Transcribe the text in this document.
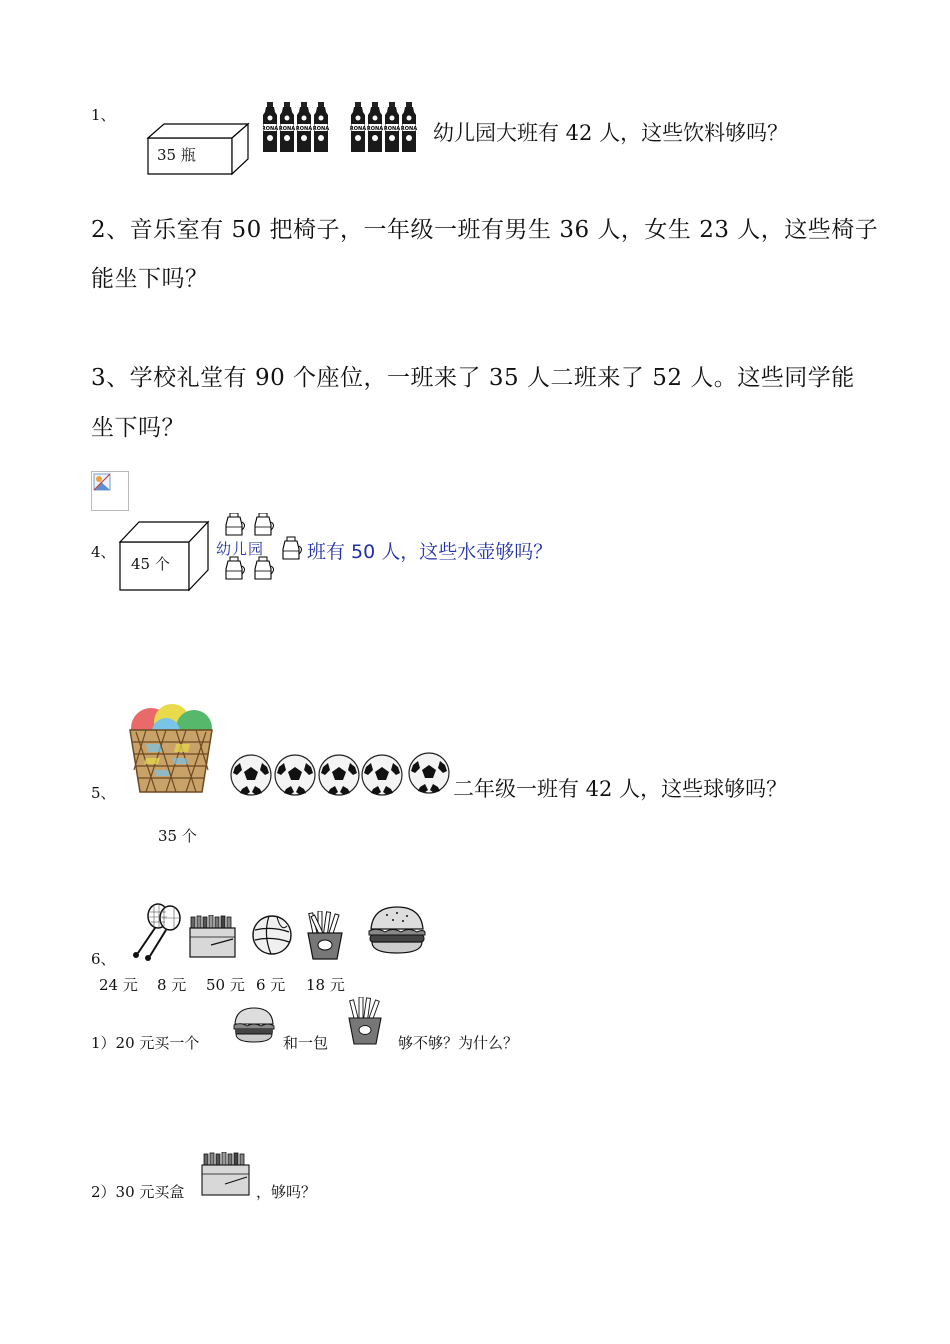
1、
35 瓶
幼儿园大班有 42 人，这些饮料够吗？
2、音乐室有 50 把椅子，一年级一班有男生 36 人，女生 23 人，这些椅子
能坐下吗？
3、学校礼堂有 90 个座位，一班来了 35 人二班来了 52 人。这些同学能
坐下吗？
4、
45 个
幼儿园 班有 50 人，这些水壶够吗？
5、	二年级一班有 42 人，这些球够吗？
35 个
6、
24 元 8 元 50 元 6 元 18 元
1）20 元买一个	和一包	够不够？为什么？
2）30 元买盒	，够吗？
